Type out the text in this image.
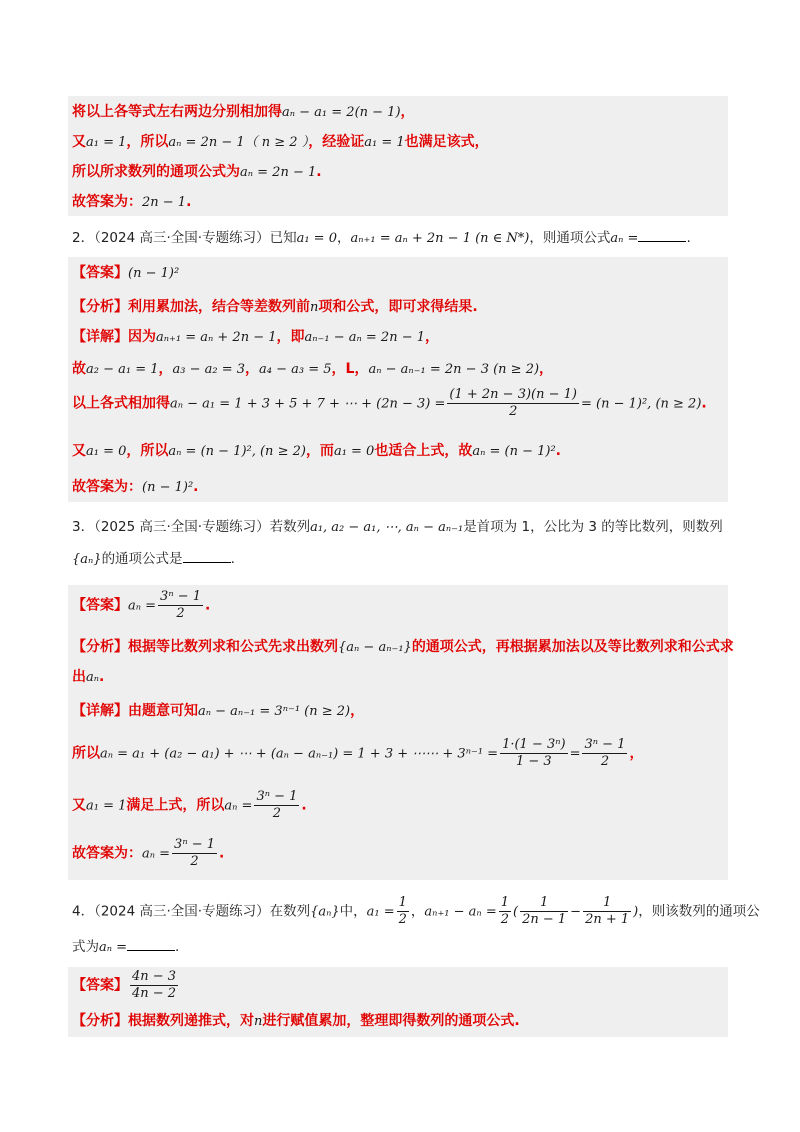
将以上各等式左右两边分别相加得aₙ − a₁ = 2(n − 1)，
又a₁ = 1，所以aₙ = 2n − 1（ n ≥ 2 ），经验证a₁ = 1也满足该式，
所以所求数列的通项公式为aₙ = 2n − 1.
故答案为：2n − 1.
2．（2024 高三·全国·专题练习）已知a₁ = 0，aₙ₊₁ = aₙ + 2n − 1 (n ∈ N*)，则通项公式aₙ =	.
【答案】(n − 1)²
【分析】利用累加法，结合等差数列前n项和公式，即可求得结果.
【详解】因为aₙ₊₁ = aₙ + 2n − 1，即aₙ₋₁ − aₙ = 2n − 1，
故a₂ − a₁ = 1，a₃ − a₂ = 3，a₄ − a₃ = 5，L，aₙ − aₙ₋₁ = 2n − 3 (n ≥ 2)，
以上各式相加得aₙ − a₁ = 1 + 3 + 5 + 7 + ⋯ + $(2n - 3) = \frac{(1 + 2n - 3)(n - 1)}{2} = (n - 1)^2$, (n ≥ 2).
又a₁ = 0，所以aₙ = (n − 1)², (n ≥ 2)，而a₁ = 0也适合上式，故aₙ = (n − 1)².
故答案为：(n − 1)².
3．（2025 高三·全国·专题练习）若数列a₁, a₂ − a₁, ⋯, aₙ − aₙ₋₁是首项为 1，公比为 3 的等比数列，则数列
{aₙ}的通项公式是	.
【答案】$a_n = \frac{\text{3ⁿ − 1}}{2}$ .
【分析】根据等比数列求和公式先求出数列{aₙ − aₙ₋₁}的通项公式，再根据累加法以及等比数列求和公式求
出aₙ.
【详解】由题意可知aₙ − aₙ₋₁ = 3ⁿ⁻¹ (n ≥ 2)，
所以aₙ = a₁ + (a₂ − a₁) + ⋯ + (aₙ − aₙ₋₁) = 1 + 3 + ⋯⋯ + $3^{n-1} = \frac{\text{1·(1 − 3ⁿ)}}{1 - 3} = \frac{\text{3ⁿ − 1}}{2}$ ，
又a₁ = 1满足上式，所以$a_n = \frac{\text{3ⁿ − 1}}{2}$ .
故答案为：$a_n = \frac{\text{3ⁿ − 1}}{2}$ .
4．（2024 高三·全国·专题练习）在数列{aₙ}中，$a_1 = \frac{1}{2}$ ，$a_{n+1} - a_n = \frac{1}{2}$ ( $\frac{1}{2n - 1} - \frac{1}{2n + 1}$ )，则该数列的通项公
式为aₙ =	.
【答案】 $\frac{4n - 3}{4n - 2}$
【分析】根据数列递推式，对n进行赋值累加，整理即得数列的通项公式.
